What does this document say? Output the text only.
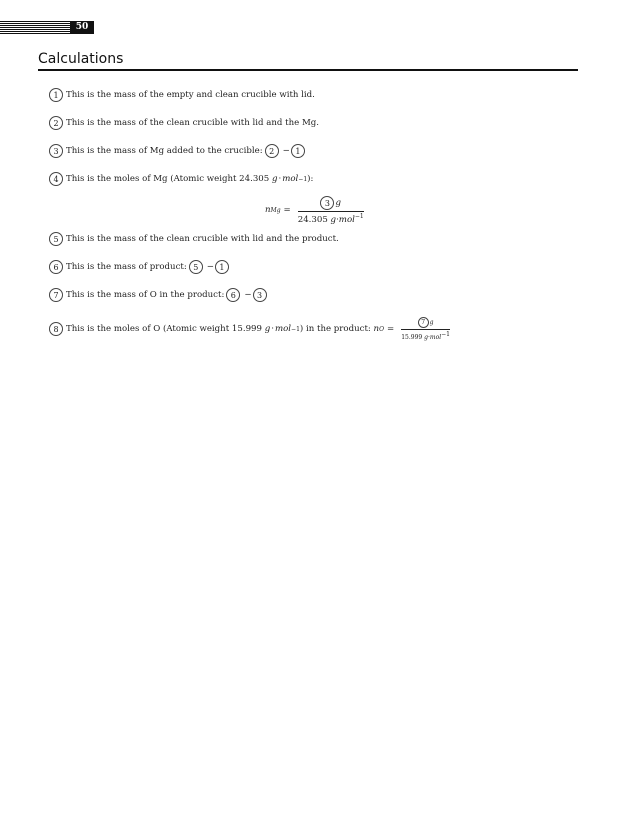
50
Calculations
1 This is the mass of the empty and clean crucible with lid.
2 This is the mass of the clean crucible with lid and the Mg.
3 This is the mass of Mg added to the crucible: 2 − 1
4 This is the moles of Mg (Atomic weight 24.305
g · mol −1 ):
n $Mg = \frac{3 g}{24.305 g\cdot mol^{-1}}$
5 This is the mass of the clean crucible with lid and the product.
6 This is the mass of product: 5 − 1
7 This is the mass of O in the product: 6 − 3
8 This is the moles of O (Atomic weight 15.999
g · mol −1 ) in the product:
n $O = \frac{7 g}{15.999 g\cdot mol^{-1}}$
